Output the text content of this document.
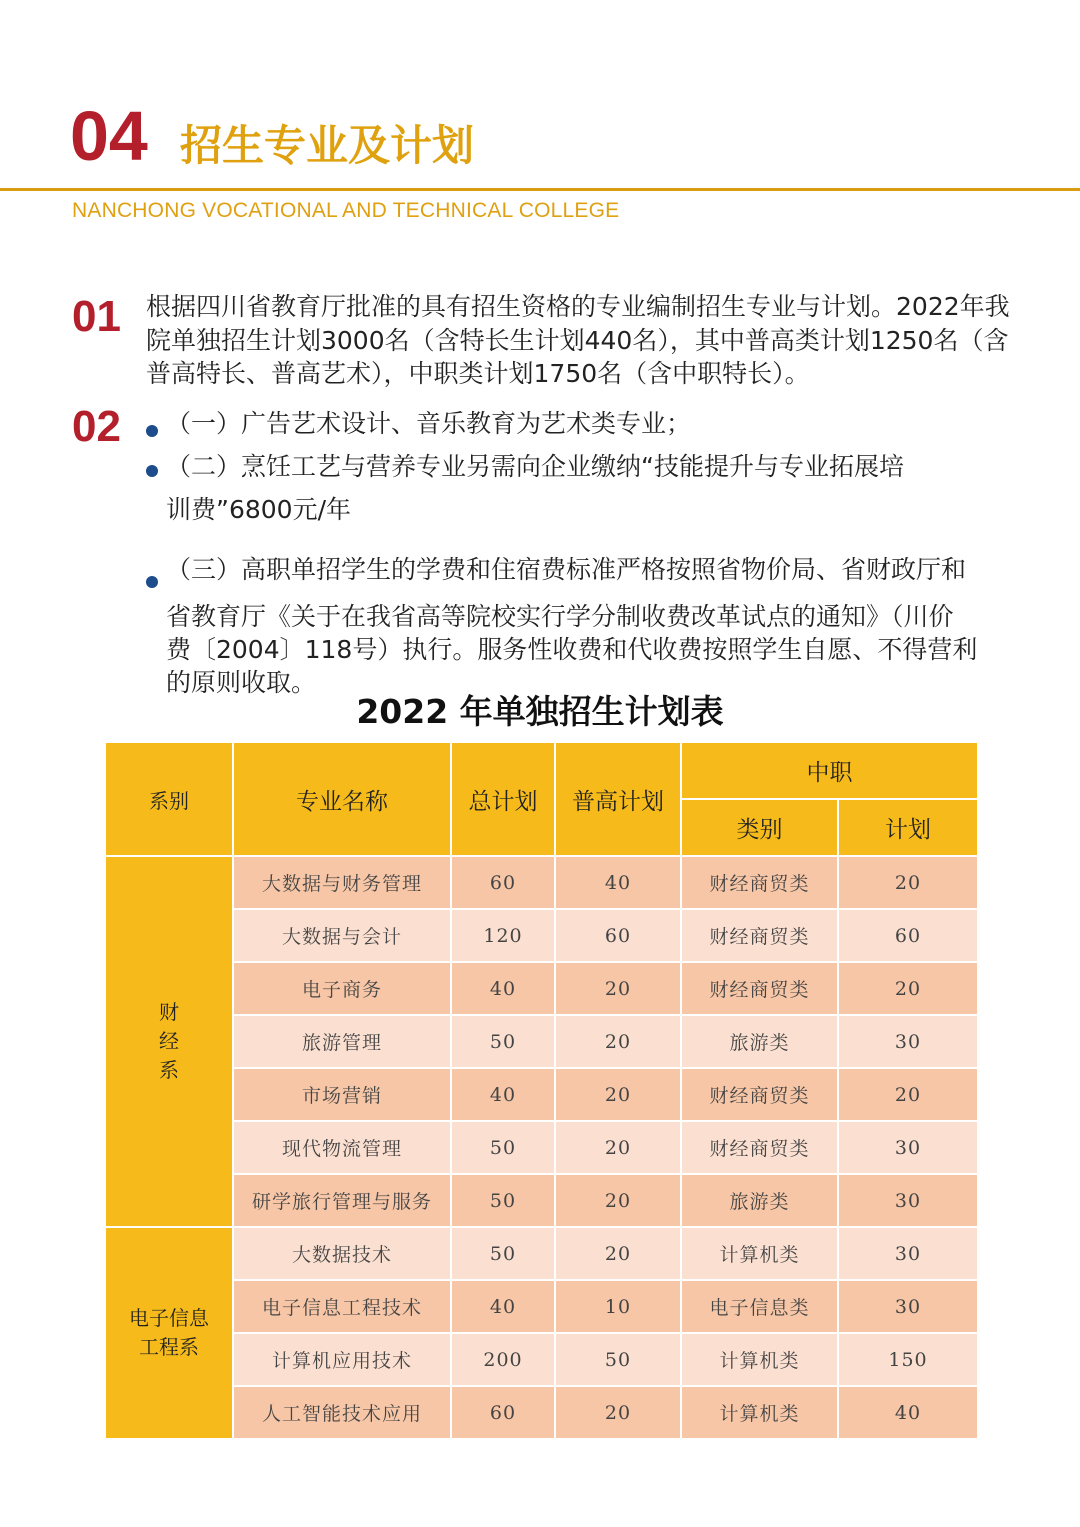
04 招生专业及计划
NANCHONG VOCATIONAL AND TECHNICAL COLLEGE
01 根据四川省教育厅批准的具有招生资格的专业编制招生专业与计划。2022年我院单独招生计划3000名（含特长生计划440名），其中普高类计划1250名（含普高特长、普高艺术），中职类计划1750名（含中职特长）。
02 （一）广告艺术设计、音乐教育为艺术类专业；
（二）烹饪工艺与营养专业另需向企业缴纳“技能提升与专业拓展培
训费”6800元/年
（三）高职单招学生的学费和住宿费标准严格按照省物价局、省财政厅和
省教育厅《关于在我省高等院校实行学分制收费改革试点的通知》（川价
费〔2004〕118号）执行。服务性收费和代收费按照学生自愿、不得营利
的原则收取。
2022 年单独招生计划表
系别	专业名称	总计划	普高计划	中职	
				类别	计划

财
经
系	大数据与财务管理	60	40	财经商贸类	20
	大数据与会计	120	60	财经商贸类	60
	电子商务	40	20	财经商贸类	20
	旅游管理	50	20	旅游类	30
	市场营销	40	20	财经商贸类	20
	现代物流管理	50	20	财经商贸类	30
	研学旅行管理与服务	50	20	旅游类	30

电子信息
工程系	大数据技术	50	20	计算机类	30
	电子信息工程技术	40	10	电子信息类	30
	计算机应用技术	200	50	计算机类	150
	人工智能技术应用	60	20	计算机类	40
